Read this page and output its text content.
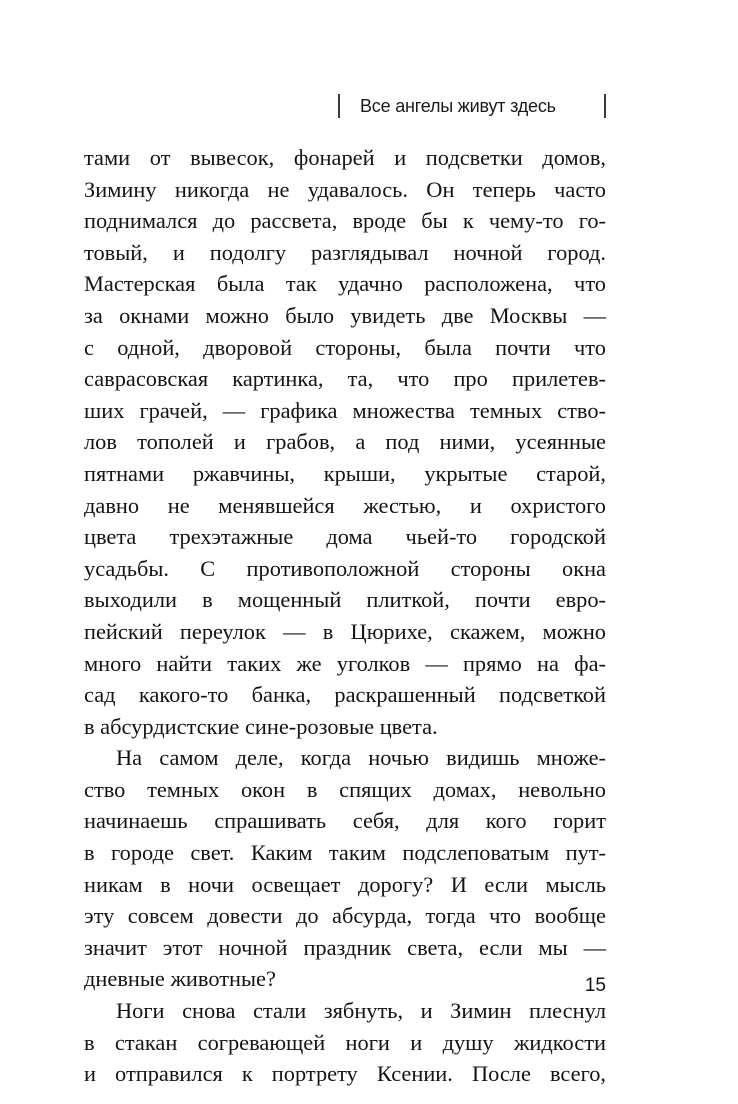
Все ангелы живут здесь
тами от вывесок, фонарей и подсветки домов,
Зимину никогда не удавалось. Он теперь часто
поднимался до рассвета, вроде бы к чему-то го-
товый, и подолгу разглядывал ночной город.
Мастерская была так удачно расположена, что
за окнами можно было увидеть две Москвы —
с одной, дворовой стороны, была почти что
саврасовская картинка, та, что про прилетев-
ших грачей, — графика множества темных ство-
лов тополей и грабов, а под ними, усеянные
пятнами ржавчины, крыши, укрытые старой,
давно не менявшейся жестью, и охристого
цвета трехэтажные дома чьей-то городской
усадьбы. С противоположной стороны окна
выходили в мощенный плиткой, почти евро-
пейский переулок — в Цюрихе, скажем, можно
много найти таких же уголков — прямо на фа-
сад какого-то банка, раскрашенный подсветкой
в абсурдистские сине-розовые цвета.
На самом деле, когда ночью видишь множе-
ство темных окон в спящих домах, невольно
начинаешь спрашивать себя, для кого горит
в городе свет. Каким таким подслеповатым пут-
никам в ночи освещает дорогу? И если мысль
эту совсем довести до абсурда, тогда что вообще
значит этот ночной праздник света, если мы —
дневные животные?
Ноги снова стали зябнуть, и Зимин плеснул
в стакан согревающей ноги и душу жидкости
и отправился к портрету Ксении. После всего,
15
